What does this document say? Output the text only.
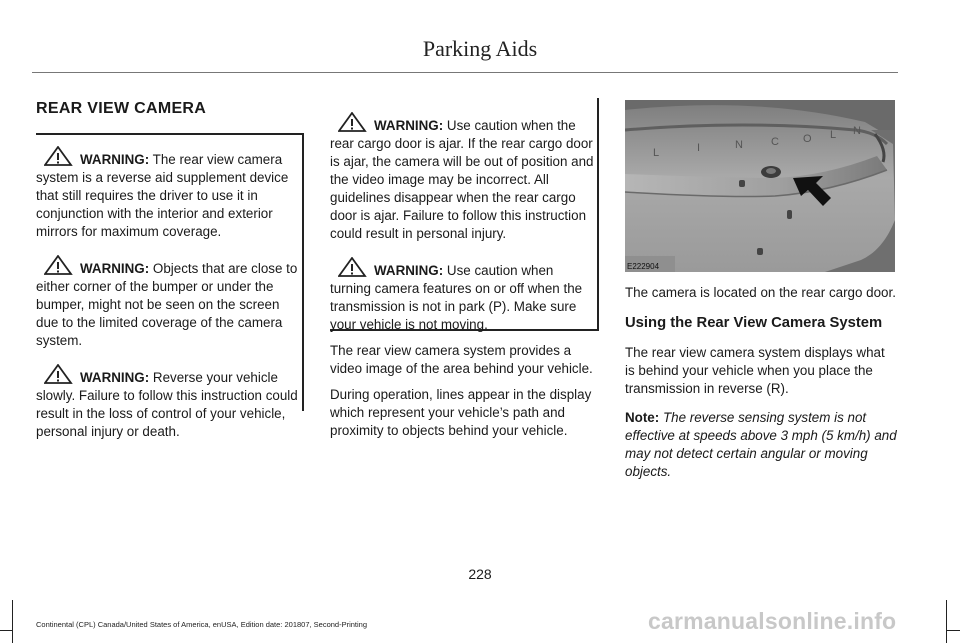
Parking Aids
REAR VIEW CAMERA

WARNING: The rear view camera system is a reverse aid supplement device that still requires the driver to use it in conjunction with the interior and exterior mirrors for maximum coverage.

WARNING: Objects that are close to either corner of the bumper or under the bumper, might not be seen on the screen due to the limited coverage of the camera system.

WARNING: Reverse your vehicle slowly. Failure to follow this instruction could result in the loss of control of your vehicle, personal injury or death.

WARNING: Use caution when the rear cargo door is ajar. If the rear cargo door is ajar, the camera will be out of position and the video image may be incorrect. All guidelines disappear when the rear cargo door is ajar. Failure to follow this instruction could result in personal injury.

WARNING: Use caution when turning camera features on or off when the transmission is not in park (P). Make sure your vehicle is not moving.

The rear view camera system provides a video image of the area behind your vehicle.

During operation, lines appear in the display which represent your vehicle’s path and proximity to objects behind your vehicle.

L	I	N	C O L N
E222904

The camera is located on the rear cargo door.

Using the Rear View Camera System

The rear view camera system displays what is behind your vehicle when you place the transmission in reverse (R).

Note: The reverse sensing system is not effective at speeds above 3 mph (5 km/h) and may not detect certain angular or moving objects.

228
Continental (CPL) Canada/United States of America, enUSA, Edition date: 201807, Second-Printing	carmanualsonline.info
